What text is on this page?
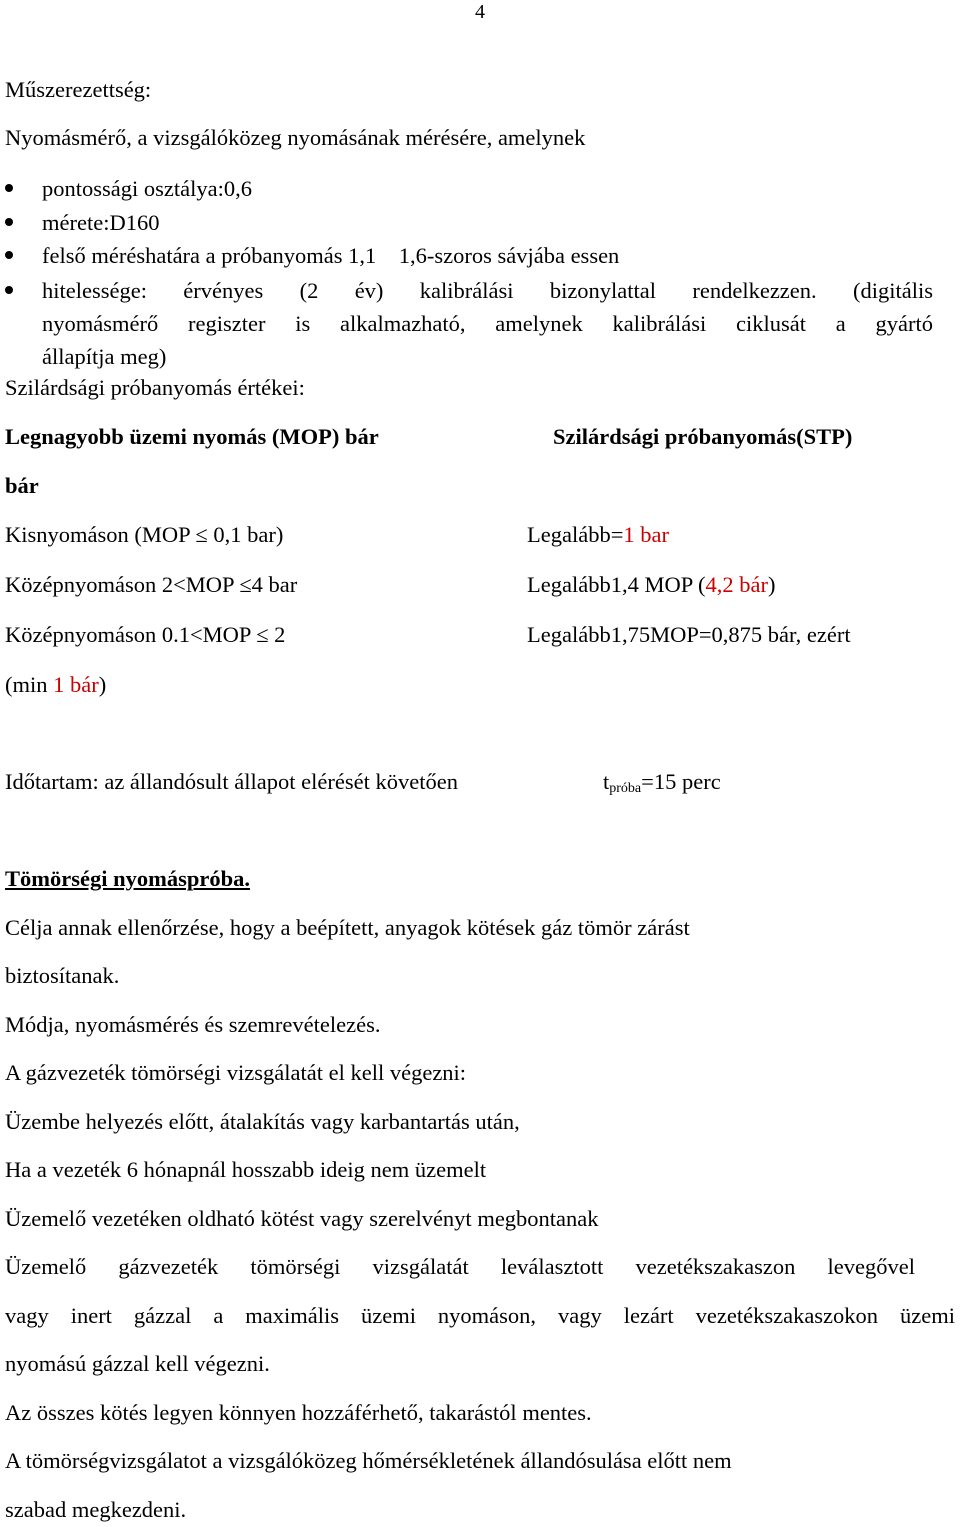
4
Műszerezettség:
Nyomásmérő, a vizsgálóközeg nyomásának mérésére, amelynek
pontossági osztálya:0,6
mérete:D160
felső méréshatára a próbanyomás 1,1    1,6-szoros sávjába essen
hitelessége: érvényes (2 év) kalibrálási bizonylattal rendelkezzen. (digitális
nyomásmérő regiszter is alkalmazható, amelynek kalibrálási ciklusát a gyártó
állapítja meg)
Szilárdsági próbanyomás értékei:
Legnagyobb üzemi nyomás (MOP) bár	Szilárdsági próbanyomás(STP)
bár
Kisnyomáson (MOP ≤ 0,1 bar)	Legalább=1 bar
Középnyomáson 2<MOP ≤4 bar	Legalább1,4 MOP (4,2 bár)
Középnyomáson 0.1<MOP ≤ 2	Legalább1,75MOP=0,875 bár, ezért
(min 1 bár)
Időtartam: az állandósult állapot elérését követően	$t_{próba}=15$ perc
Tömörségi nyomáspróba.
Célja annak ellenőrzése, hogy a beépített, anyagok kötések gáz tömör zárást
biztosítanak.
Módja, nyomásmérés és szemrevételezés.
A gázvezeték tömörségi vizsgálatát el kell végezni:
Üzembe helyezés előtt, átalakítás vagy karbantartás után,
Ha a vezeték 6 hónapnál hosszabb ideig nem üzemelt
Üzemelő vezetéken oldható kötést vagy szerelvényt megbontanak
Üzemelő gázvezeték tömörségi vizsgálatát leválasztott vezetékszakaszon levegővel
vagy inert gázzal a maximális üzemi nyomáson, vagy lezárt vezetékszakaszokon üzemi
nyomású gázzal kell végezni.
Az összes kötés legyen könnyen hozzáférhető, takarástól mentes.
A tömörségvizsgálatot a vizsgálóközeg hőmérsékletének állandósulása előtt nem
szabad megkezdeni.
